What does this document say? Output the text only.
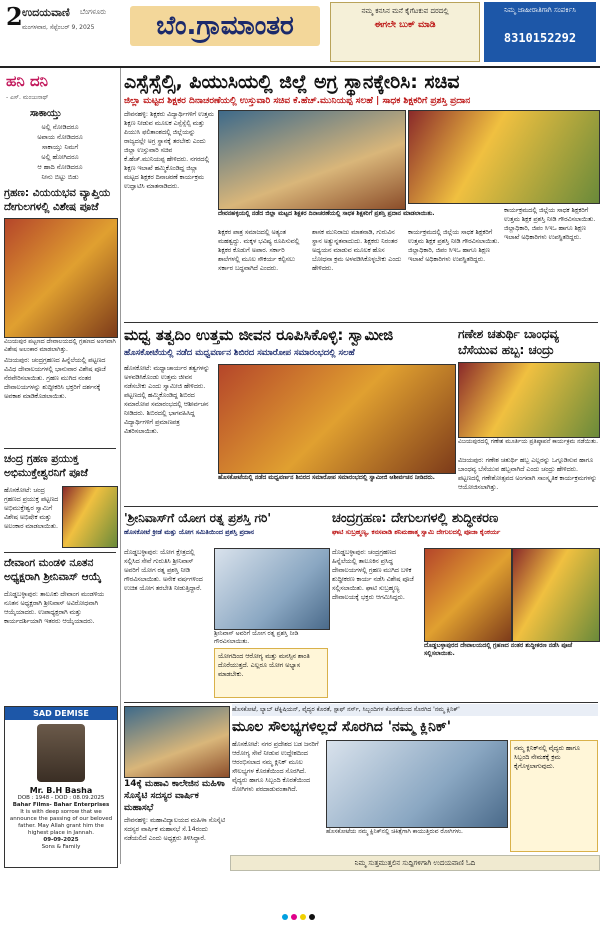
2 ಉದಯವಾಣಿ ಬೆಂಗಳೂರು
ಮಂಗಳವಾರ, ಸೆಪ್ಟೆಂಬರ್ 9, 2025	ಬೆಂ.ಗ್ರಾಮಾಂತರ	ನಮ್ಮ ಕನಸಿನ ಮನೆ ಕೈಗೆಟಕುವ ದರದಲ್ಲಿ
ಈಗಲೇ ಬುಕ್ ಮಾಡಿ
ನಿಮ್ಮ ಜಾಹೀರಾತಿಗಾಗಿ ಸಂಪರ್ಕಿಸಿ
8310152292
ಹನಿ ದನಿ
- ಎಸ್. ಮಂಜುನಾಥ್
ಸಾಕಾಯ್ತು
ಅಲ್ಲಿ ನೋಡಿದರೂ
ಅಪಾಯ ನೋಡಿದರೂ
ಸಾಕಾಯ್ತು ನಿಮಗೆ
ಅಲ್ಲಿ ಹೋಗಿದರೂ
ಆ ಹಾದಿ ನೋಡಿದರೂ
ನೀನು ಬಿಟ್ಟು ಬಿಡು
ಗ್ರಹಣ: ವಿಯಯಭವ ವ್ಯಾಪ್ತಿಯ ದೇಗುಲಗಳಲ್ಲಿ ವಿಶೇಷ ಪೂಜೆ
ವಿಜಯಪುರ ಪಟ್ಟಣದ ದೇವಾಲಯದಲ್ಲಿ ಗ್ರಹಣದ ಅಂಗವಾಗಿ ವಿಶೇಷ ಅಲಂಕಾರ ಮಾಡಲಾಗಿತ್ತು.
ವಿಜಯಪುರ: ಚಂದ್ರಗ್ರಹಣದ ಹಿನ್ನೆಲೆಯಲ್ಲಿ ಪಟ್ಟಣದ ವಿವಿಧ ದೇವಾಲಯಗಳಲ್ಲಿ ಭಾನುವಾರ ವಿಶೇಷ ಪೂಜೆ ನೆರವೇರಿಸಲಾಯಿತು. ಗ್ರಹಣ ಮುಗಿದ ನಂತರ ದೇವಾಲಯಗಳನ್ನು ಶುದ್ಧೀಕರಿಸಿ ಭಕ್ತರಿಗೆ ದರ್ಶನಕ್ಕೆ ಅವಕಾಶ ಮಾಡಿಕೊಡಲಾಯಿತು.
ಚಂದ್ರ ಗ್ರಹಣ ಪ್ರಯುಕ್ತ ಅಭಿಮುಕ್ತೇಶ್ವರನಿಗೆ ಪೂಜೆ
ಹೊಸಕೋಟೆ: ಚಂದ್ರ ಗ್ರಹಣದ ಪ್ರಯುಕ್ತ ಪಟ್ಟಣದ ಅಭಿಮುಕ್ತೇಶ್ವರ ಸ್ವಾಮಿಗೆ ವಿಶೇಷ ಅಭಿಷೇಕ ಮತ್ತು ಅಲಂಕಾರ ಮಾಡಲಾಯಿತು.
ದೇವಾಂಗ ಮಂಡಳಿ ನೂತನ ಅಧ್ಯಕ್ಷರಾಗಿ ಶ್ರೀನಿವಾಸ್ ಆಯ್ಕೆ
ದೊಡ್ಡಬಳ್ಳಾಪುರ: ತಾಲೂಕು ದೇವಾಂಗ ಮಂಡಳಿಯ ನೂತನ ಅಧ್ಯಕ್ಷರಾಗಿ ಶ್ರೀನಿವಾಸ್ ಅವಿರೋಧವಾಗಿ ಆಯ್ಕೆಯಾದರು. ಉಪಾಧ್ಯಕ್ಷರಾಗಿ ಮತ್ತು ಕಾರ್ಯದರ್ಶಿಯಾಗಿ ಇತರರು ಆಯ್ಕೆಯಾದರು.
SAD DEMISE
Mr. B.H Basha
DOB : 1948 - DOD : 08.09.2025
Bahar Films- Bahar Enterprises
It is with deep sorrow that we announce the passing of our beloved father. May Allah grant him the highest place in Jannah.
09-09-2025
Sons & Family
ಎಸ್ಸೆಸ್ಸೆಲ್ಸಿ, ಪಿಯುಸಿಯಲ್ಲಿ ಜಿಲ್ಲೆ ಅಗ್ರ ಸ್ಥಾನಕ್ಕೇರಿಸಿ: ಸಚಿವ
ಜಿಲ್ಲಾ ಮಟ್ಟದ ಶಿಕ್ಷಕರ ದಿನಾಚರಣೆಯಲ್ಲಿ ಉಸ್ತುವಾರಿ ಸಚಿವ ಕೆ.ಹೆಚ್.ಮುನಿಯಪ್ಪ ಸಲಹೆ | ಸಾಧಕ ಶಿಕ್ಷಕರಿಗೆ ಪ್ರಶಸ್ತಿ ಪ್ರದಾನ
ದೇವನಹಳ್ಳಿ: ಶಿಕ್ಷಕರು ವಿದ್ಯಾರ್ಥಿಗಳಿಗೆ ಉತ್ತಮ ಶಿಕ್ಷಣ ನೀಡುವ ಮೂಲಕ ಎಸ್ಸೆಸ್ಸೆಲ್ಸಿ ಮತ್ತು ಪಿಯುಸಿ ಫಲಿತಾಂಶದಲ್ಲಿ ಜಿಲ್ಲೆಯನ್ನು ರಾಜ್ಯದಲ್ಲೇ ಅಗ್ರ ಸ್ಥಾನಕ್ಕೆ ತರಬೇಕು ಎಂದು ಜಿಲ್ಲಾ ಉಸ್ತುವಾರಿ ಸಚಿವ ಕೆ.ಹೆಚ್.ಮುನಿಯಪ್ಪ ಹೇಳಿದರು. ನಗರದಲ್ಲಿ ಶಿಕ್ಷಣ ಇಲಾಖೆ ಹಮ್ಮಿಕೊಂಡಿದ್ದ ಜಿಲ್ಲಾ ಮಟ್ಟದ ಶಿಕ್ಷಕರ ದಿನಾಚರಣೆ ಕಾರ್ಯಕ್ರಮ ಉದ್ಘಾಟಿಸಿ ಮಾತನಾಡಿದರು.
ದೇವನಹಳ್ಳಿಯಲ್ಲಿ ನಡೆದ ಜಿಲ್ಲಾ ಮಟ್ಟದ ಶಿಕ್ಷಕರ ದಿನಾಚರಣೆಯಲ್ಲಿ ಸಾಧಕ ಶಿಕ್ಷಕರಿಗೆ ಪ್ರಶಸ್ತಿ ಪ್ರದಾನ ಮಾಡಲಾಯಿತು.
ಶಿಕ್ಷಕರ ಪಾತ್ರ ಸಮಾಜದಲ್ಲಿ ಅತ್ಯಂತ ಮಹತ್ವದ್ದು. ಮಕ್ಕಳ ಭವಿಷ್ಯ ರೂಪಿಸುವಲ್ಲಿ ಶಿಕ್ಷಕರ ಕೊಡುಗೆ ಅಪಾರ. ಸರ್ಕಾರಿ ಶಾಲೆಗಳಲ್ಲಿ ಮೂಲ ಸೌಕರ್ಯ ಕಲ್ಪಿಸಲು ಸರ್ಕಾರ ಬದ್ಧವಾಗಿದೆ ಎಂದರು.
ಶಾಸಕ ಮುನಿರಾಜು ಮಾತನಾಡಿ, ಗುರುವಿನ ಸ್ಥಾನ ಅತ್ಯುನ್ನತವಾದುದು. ಶಿಕ್ಷಕರು ನಿರಂತರ ಅಧ್ಯಯನ ಮಾಡುವ ಮೂಲಕ ಹೊಸ ಬೋಧನಾ ಕ್ರಮ ಅಳವಡಿಸಿಕೊಳ್ಳಬೇಕು ಎಂದು ಹೇಳಿದರು.
ಕಾರ್ಯಕ್ರಮದಲ್ಲಿ ಜಿಲ್ಲೆಯ ಸಾಧಕ ಶಿಕ್ಷಕರಿಗೆ ಉತ್ತಮ ಶಿಕ್ಷಕ ಪ್ರಶಸ್ತಿ ನೀಡಿ ಗೌರವಿಸಲಾಯಿತು. ಜಿಲ್ಲಾಧಿಕಾರಿ, ಜಿಪಂ ಸಿಇಒ ಹಾಗೂ ಶಿಕ್ಷಣ ಇಲಾಖೆ ಅಧಿಕಾರಿಗಳು ಉಪಸ್ಥಿತರಿದ್ದರು.
ಕಾರ್ಯಕ್ರಮದಲ್ಲಿ ಜಿಲ್ಲೆಯ ಸಾಧಕ ಶಿಕ್ಷಕರಿಗೆ ಉತ್ತಮ ಶಿಕ್ಷಕ ಪ್ರಶಸ್ತಿ ನೀಡಿ ಗೌರವಿಸಲಾಯಿತು. ಜಿಲ್ಲಾಧಿಕಾರಿ, ಜಿಪಂ ಸಿಇಒ ಹಾಗೂ ಶಿಕ್ಷಣ ಇಲಾಖೆ ಅಧಿಕಾರಿಗಳು ಉಪಸ್ಥಿತರಿದ್ದರು.
ಮಧ್ವ ತತ್ವದಿಂ ಉತ್ತಮ ಜೀವನ ರೂಪಿಸಿಕೊಳ್ಳಿ: ಸ್ವಾಮೀಜಿ
ಹೊಸಕೋಟೆಯಲ್ಲಿ ನಡೆದ ಮಧ್ವವರ್ಣನ ಶಿಬಿರದ ಸಮಾರೋಪ ಸಮಾರಂಭದಲ್ಲಿ ಸಲಹೆ
ಹೊಸಕೋಟೆ: ಮಧ್ವಾಚಾರ್ಯರ ತತ್ವಗಳನ್ನು ಅಳವಡಿಸಿಕೊಂಡು ಉತ್ತಮ ಜೀವನ ನಡೆಸಬೇಕು ಎಂದು ಸ್ವಾಮೀಜಿ ಹೇಳಿದರು. ಪಟ್ಟಣದಲ್ಲಿ ಹಮ್ಮಿಕೊಂಡಿದ್ದ ಶಿಬಿರದ ಸಮಾರೋಪ ಸಮಾರಂಭದಲ್ಲಿ ಆಶೀರ್ವಚನ ನೀಡಿದರು. ಶಿಬಿರದಲ್ಲಿ ಭಾಗವಹಿಸಿದ್ದ ವಿದ್ಯಾರ್ಥಿಗಳಿಗೆ ಪ್ರಮಾಣಪತ್ರ ವಿತರಿಸಲಾಯಿತು.
ಹೊಸಕೋಟೆಯಲ್ಲಿ ನಡೆದ ಮಧ್ವವರ್ಣನ ಶಿಬಿರದ ಸಮಾರೋಪ ಸಮಾರಂಭದಲ್ಲಿ ಸ್ವಾಮೀಜಿ ಆಶೀರ್ವಚನ ನೀಡಿದರು.
ಗಣೇಶ ಚತುರ್ಥಿ ಬಾಂಧವ್ಯ ಬೆಸೆಯುವ ಹಬ್ಬ: ಚಂದ್ರು
ವಿಜಯಪುರದಲ್ಲಿ ಗಣೇಶ ಮೂರ್ತಿಯ ಪ್ರತಿಷ್ಠಾಪನೆ ಕಾರ್ಯಕ್ರಮ ನಡೆಯಿತು.
ವಿಜಯಪುರ: ಗಣೇಶ ಚತುರ್ಥಿ ಹಬ್ಬ ಎಲ್ಲರನ್ನು ಒಗ್ಗೂಡಿಸುವ ಹಾಗೂ ಬಾಂಧವ್ಯ ಬೆಸೆಯುವ ಹಬ್ಬವಾಗಿದೆ ಎಂದು ಚಂದ್ರು ಹೇಳಿದರು. ಪಟ್ಟಣದಲ್ಲಿ ಗಣೇಶೋತ್ಸವದ ಅಂಗವಾಗಿ ಸಾಂಸ್ಕೃತಿಕ ಕಾರ್ಯಕ್ರಮಗಳನ್ನು ಆಯೋಜಿಸಲಾಗಿತ್ತು.
'ಶ್ರೀನಿವಾಸ್‌ಗೆ ಯೋಗ ರತ್ನ ಪ್ರಶಸ್ತಿ ಗರಿ'
ಹೊಸಕೋಟೆ ಕ್ರೀಡೆ ಮತ್ತು ಯೋಗ ಸಮಿತಿಯಿಂದ ಪ್ರಶಸ್ತಿ ಪ್ರದಾನ
ದೊಡ್ಡಬಳ್ಳಾಪುರ: ಯೋಗ ಕ್ಷೇತ್ರದಲ್ಲಿ ಸಲ್ಲಿಸಿದ ಸೇವೆ ಗುರುತಿಸಿ ಶ್ರೀನಿವಾಸ್ ಅವರಿಗೆ ಯೋಗ ರತ್ನ ಪ್ರಶಸ್ತಿ ನೀಡಿ ಗೌರವಿಸಲಾಯಿತು. ಅನೇಕ ವರ್ಷಗಳಿಂದ ಉಚಿತ ಯೋಗ ತರಬೇತಿ ನೀಡುತ್ತಿದ್ದಾರೆ.
ಶ್ರೀನಿವಾಸ್ ಅವರಿಗೆ ಯೋಗ ರತ್ನ ಪ್ರಶಸ್ತಿ ನೀಡಿ ಗೌರವಿಸಲಾಯಿತು.
ಯೋಗದಿಂದ ಆರೋಗ್ಯ ಮತ್ತು ಮನಸ್ಸಿನ ಶಾಂತಿ ದೊರೆಯುತ್ತದೆ. ಎಲ್ಲರೂ ಯೋಗ ಅಭ್ಯಾಸ ಮಾಡಬೇಕು.
ಚಂದ್ರಗ್ರಹಣ: ದೇಗುಲಗಳಲ್ಲಿ ಶುದ್ಧೀಕರಣ
ಘಾಟಿ ಸುಬ್ರಹ್ಮಣ್ಯ, ಕನಸವಾಡಿ ಶನಿಮಹಾತ್ಮ ಸ್ವಾಮಿ ದೇಗುಲದಲ್ಲಿ ಪೂಜಾ ಕೈಂಕರ್ಯ
ದೊಡ್ಡಬಳ್ಳಾಪುರ: ಚಂದ್ರಗ್ರಹಣದ ಹಿನ್ನೆಲೆಯಲ್ಲಿ ತಾಲೂಕಿನ ಪ್ರಸಿದ್ಧ ದೇವಾಲಯಗಳಲ್ಲಿ ಗ್ರಹಣ ಮುಗಿದ ಬಳಿಕ ಶುದ್ಧೀಕರಣ ಕಾರ್ಯ ನಡೆಸಿ ವಿಶೇಷ ಪೂಜೆ ಸಲ್ಲಿಸಲಾಯಿತು. ಘಾಟಿ ಸುಬ್ರಹ್ಮಣ್ಯ ದೇವಾಲಯಕ್ಕೆ ಭಕ್ತರು ಆಗಮಿಸಿದ್ದರು.
ದೊಡ್ಡಬಳ್ಳಾಪುರದ ದೇವಾಲಯದಲ್ಲಿ ಗ್ರಹಣದ ನಂತರ ಶುದ್ಧೀಕರಣ ನಡೆಸಿ ಪೂಜೆ ಸಲ್ಲಿಸಲಾಯಿತು.
ಹೊಸಕೋಟೆ, ಲ್ಯಾಬ್ ಟೆಕ್ನಿಷಿಯನ್, ವೈದ್ಯರ ಕೊರತೆ, ಸ್ಟಾಫ್ ನರ್ಸ್, ಸಿಬ್ಬಂದಿಗಳ ಕೊರತೆಯಿಂದ ಸೊರಗಿದ 'ನಮ್ಮ ಕ್ಲಿನಿಕ್'
ಮೂಲ ಸೌಲಭ್ಯಗಳಿಲ್ಲದೆ ಸೊರಗಿದ 'ನಮ್ಮ ಕ್ಲಿನಿಕ್'
ಹೊಸಕೋಟೆ: ನಗರ ಪ್ರದೇಶದ ಬಡ ಜನರಿಗೆ ಆರೋಗ್ಯ ಸೇವೆ ನೀಡುವ ಉದ್ದೇಶದಿಂದ ಆರಂಭಿಸಲಾದ ನಮ್ಮ ಕ್ಲಿನಿಕ್ ಮೂಲ ಸೌಲಭ್ಯಗಳ ಕೊರತೆಯಿಂದ ಸೊರಗಿದೆ. ವೈದ್ಯರು ಹಾಗೂ ಸಿಬ್ಬಂದಿ ಕೊರತೆಯಿಂದ ರೋಗಿಗಳು ಪರದಾಡುವಂತಾಗಿದೆ.
ಹೊಸಕೋಟೆಯ ನಮ್ಮ ಕ್ಲಿನಿಕ್‌ನಲ್ಲಿ ಚಿಕಿತ್ಸೆಗಾಗಿ ಕಾಯುತ್ತಿರುವ ರೋಗಿಗಳು.
ನಮ್ಮ ಕ್ಲಿನಿಕ್‌ನಲ್ಲಿ ವೈದ್ಯರು ಹಾಗೂ ಸಿಬ್ಬಂದಿ ನೇಮಕಕ್ಕೆ ಕ್ರಮ ಕೈಗೊಳ್ಳಲಾಗುವುದು.
14ಕ್ಕೆ ಮಹಾವಿ ಕಾಲೇಜಿನ ಮಹಿಳಾ ಸೊಸೈಟಿ ಸದಸ್ಯರ ವಾರ್ಷಿಕ ಮಹಾಸಭೆ
ದೇವನಹಳ್ಳಿ: ಮಹಾವಿದ್ಯಾಲಯದ ಮಹಿಳಾ ಸೊಸೈಟಿ ಸದಸ್ಯರ ವಾರ್ಷಿಕ ಮಹಾಸಭೆ ಸೆ.14ರಂದು ನಡೆಯಲಿದೆ ಎಂದು ಅಧ್ಯಕ್ಷರು ತಿಳಿಸಿದ್ದಾರೆ.
ನಿಮ್ಮ ಸುತ್ತಮುತ್ತಲಿನ ಸುದ್ದಿಗಳಿಗಾಗಿ ಉದಯವಾಣಿ ಓದಿ
